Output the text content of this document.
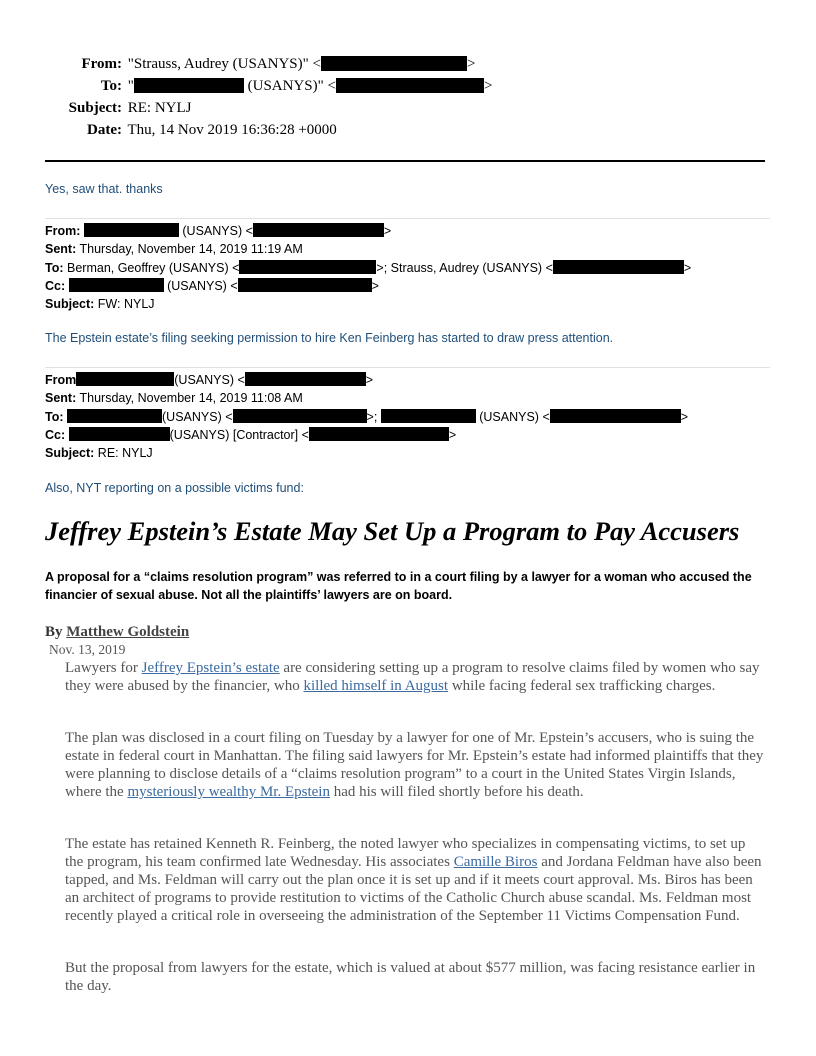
From: "Strauss, Audrey (USANYS)" <	>
To: "	(USANYS)" <	>
Subject: RE: NYLJ
Date: Thu, 14 Nov 2019 16:36:28 +0000
Yes, saw that. thanks
From:	(USANYS) <	>
Sent: Thursday, November 14, 2019 11:19 AM
To: Berman, Geoffrey (USANYS) <	>; Strauss, Audrey (USANYS) <	>
Cc:	(USANYS) <	>
Subject: FW: NYLJ
The Epstein estate’s filing seeking permission to hire Ken Feinberg has started to draw press attention.
From	(USANYS) <	>
Sent: Thursday, November 14, 2019 11:08 AM
To:	(USANYS) <	>;	(USANYS) <	>
Cc:	(USANYS) [Contractor] <	>
Subject: RE: NYLJ
Also, NYT reporting on a possible victims fund:
Jeffrey Epstein’s Estate May Set Up a Program to Pay Accusers

A proposal for a “claims resolution program” was referred to in a court filing by a lawyer for a woman who accused the financier of sexual abuse. Not all the plaintiffs’ lawyers are on board.

By Matthew Goldstein
Nov. 13, 2019

Lawyers for Jeffrey Epstein’s estate are considering setting up a program to resolve claims filed by women who say they were abused by the financier, who killed himself in August while facing federal sex trafficking charges.

The plan was disclosed in a court filing on Tuesday by a lawyer for one of Mr. Epstein’s accusers, who is suing the estate in federal court in Manhattan. The filing said lawyers for Mr. Epstein’s estate had informed plaintiffs that they were planning to disclose details of a “claims resolution program” to a court in the United States Virgin Islands, where the mysteriously wealthy Mr. Epstein had his will filed shortly before his death.

The estate has retained Kenneth R. Feinberg, the noted lawyer who specializes in compensating victims, to set up the program, his team confirmed late Wednesday. His associates Camille Biros and Jordana Feldman have also been tapped, and Ms. Feldman will carry out the plan once it is set up and if it meets court approval. Ms. Biros has been an architect of programs to provide restitution to victims of the Catholic Church abuse scandal. Ms. Feldman most recently played a critical role in overseeing the administration of the September 11 Victims Compensation Fund.

But the proposal from lawyers for the estate, which is valued at about $577 million, was facing resistance earlier in the day.
